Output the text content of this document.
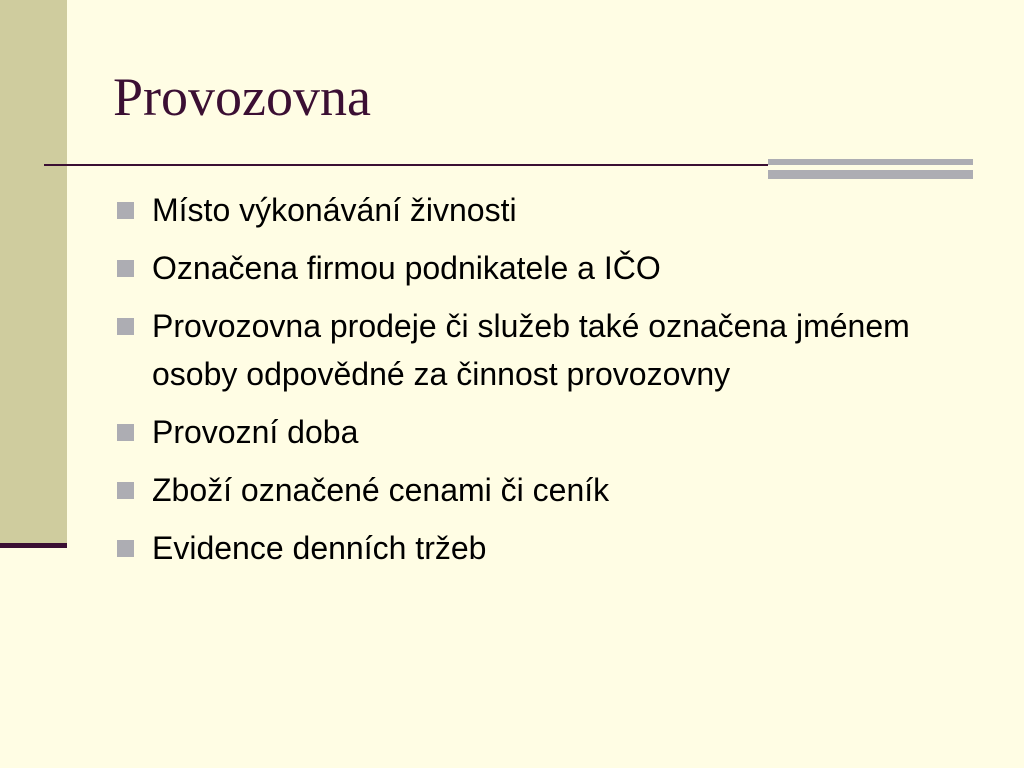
Provozovna
Místo výkonávání živnosti
Označena firmou podnikatele a IČO
Provozovna prodeje či služeb také označena jménem osoby odpovědné za činnost provozovny
Provozní doba
Zboží označené cenami či ceník
Evidence denních tržeb
